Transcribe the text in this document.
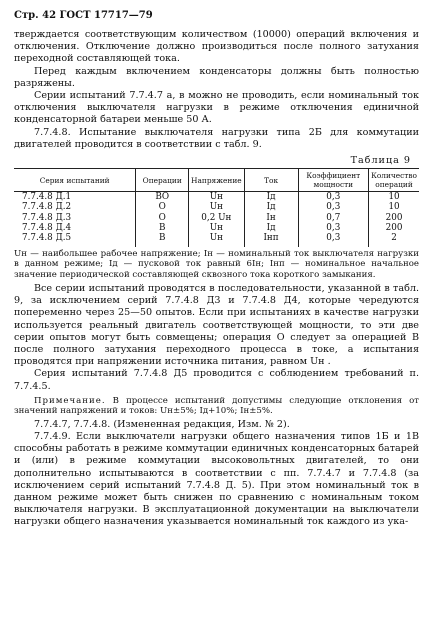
Стр. 42 ГОСТ 17717—79

тверждается соответствующим количеством (10000) операций включения и отключения. Отключение должно производиться после полного затухания переходной составляющей тока.

Перед каждым включением конденсаторы должны быть полностью разряжены.

Серии испытаний 7.7.4.7 а, в можно не проводить, если номинальный ток отключения выключателя нагрузки в режиме отключения единичной конденсаторной батареи меньше 50 А.

7.7.4.8. Испытание выключателя нагрузки типа 2Б для коммутации двигателей проводится в соответствии с табл. 9.

Таблица 9
Серия испытаний	Операции	Напряжение	Ток	Коэффициент мощности	Количество операций
7.7.4.8 Д.1	ВО	Uн	Iд	0,3	10
7.7.4.8 Д.2	О	Uн	Iд	0,3	10
7.7.4.8 Д.3	О	0,2 Uн	Iн	0,7	200
7.7.4.8 Д.4	В	Uн	Iд	0,3	200
7.7.4.8 Д.5	В	Uн	Iнп	0,3	2
Uн — наибольшее рабочее напряжение; Iн — номинальный ток выключателя нагрузки в данном режиме; Iд — пусковой ток равный 6Iн; Iнп — номинальное начальное значение периодической составляющей сквозного тока короткого замыкания.

Все серии испытаний проводятся в последовательности, указанной в табл. 9, за исключением серий 7.7.4.8 Д3 и 7.7.4.8 Д4, которые чередуются попеременно через 25—50 опытов. Если при испытаниях в качестве нагрузки используется реальный двигатель соответствующей мощности, то эти две серии опытов могут быть совмещены; операция О следует за операцией В после полного затухания переходного процесса в токе, а испытания проводятся при напряжении источника питания, равном Uн .

Серия испытаний 7.7.4.8 Д5 проводится с соблюдением требований п. 7.7.4.5.

Примечание. В процессе испытаний допустимы следующие отклонения от значений напряжений и токов: Uн±5%; Iд+10%; Iн±5%.

7.7.4.7, 7.7.4.8. (Измененная редакция, Изм. № 2).

7.7.4.9. Если выключатели нагрузки общего назначения типов 1Б и 1В способны работать в режиме коммутации единичных конденсаторных батарей и (или) в режиме коммутации высоковольтных двигателей, то они дополнительно испытываются в соответствии с пп. 7.7.4.7 и 7.7.4.8 (за исключением серий испытаний 7.7.4.8 Д. 5). При этом номинальный ток в данном режиме может быть снижен по сравнению с номинальным током выключателя нагрузки. В эксплуатационной документации на выключатели нагрузки общего назначения указывается номинальный ток каждого из ука-
